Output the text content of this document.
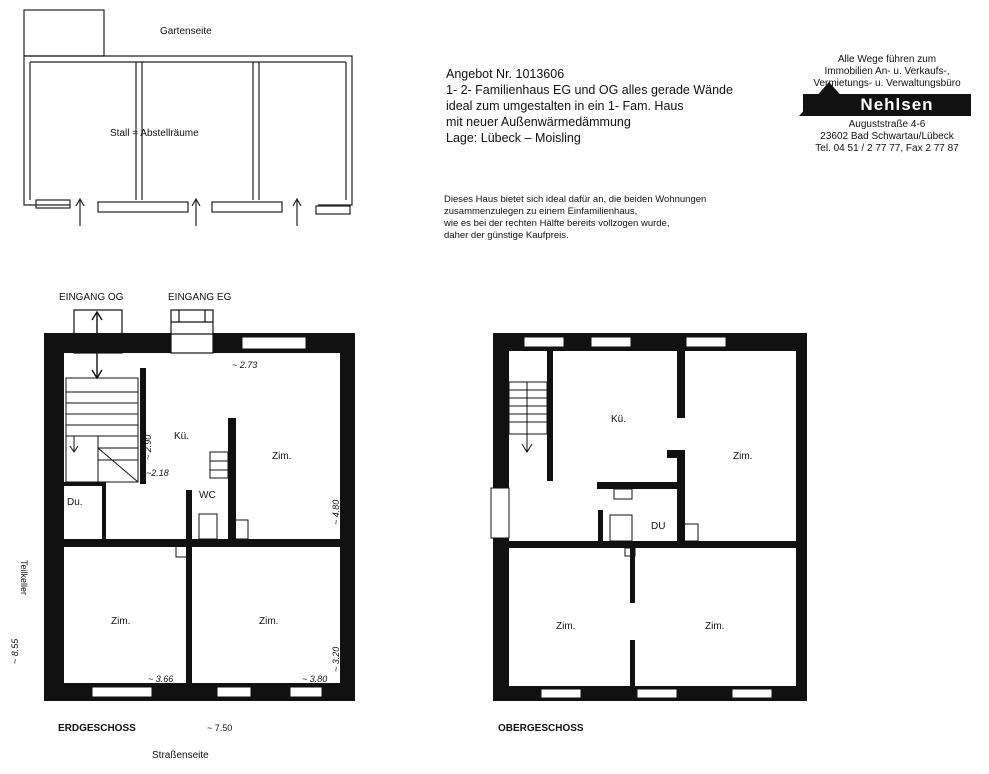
Gartenseite
Stall = Abstellräume
Angebot Nr. 1013606
1- 2- Familienhaus EG und OG alles gerade Wände
ideal zum umgestalten in ein 1- Fam. Haus
mit neuer Außenwärmedämmung
Lage: Lübeck – Moisling
Dieses Haus bietet sich ideal dafür an, die beiden Wohnungen
zusammenzulegen zu einem Einfamilienhaus,
wie es bei der rechten Hälfte bereits vollzogen wurde,
daher der günstige Kaufpreis.
Alle Wege führen zum
Immobilien An- u. Verkaufs-,
Vermietungs- u. Verwaltungsbüro
Nehlsen
Auguststraße 4-6
23602 Bad Schwartau/Lübeck
Tel. 04 51 / 2 77 77, Fax 2 77 87
EINGANG OG	EINGANG EG
Kü.
Zim.
WC
Du.
Zim.	Zim.
~ 2.73
~ 2.90
~2.18
~ 4.80
~ 8.55
~ 3.66	~ 3.80
~ 3.20
~ 7.50
Teilkeller
ERDGESCHOSS
Straßenseite
Kü.
Zim.
DU
Zim.	Zim.
OBERGESCHOSS
